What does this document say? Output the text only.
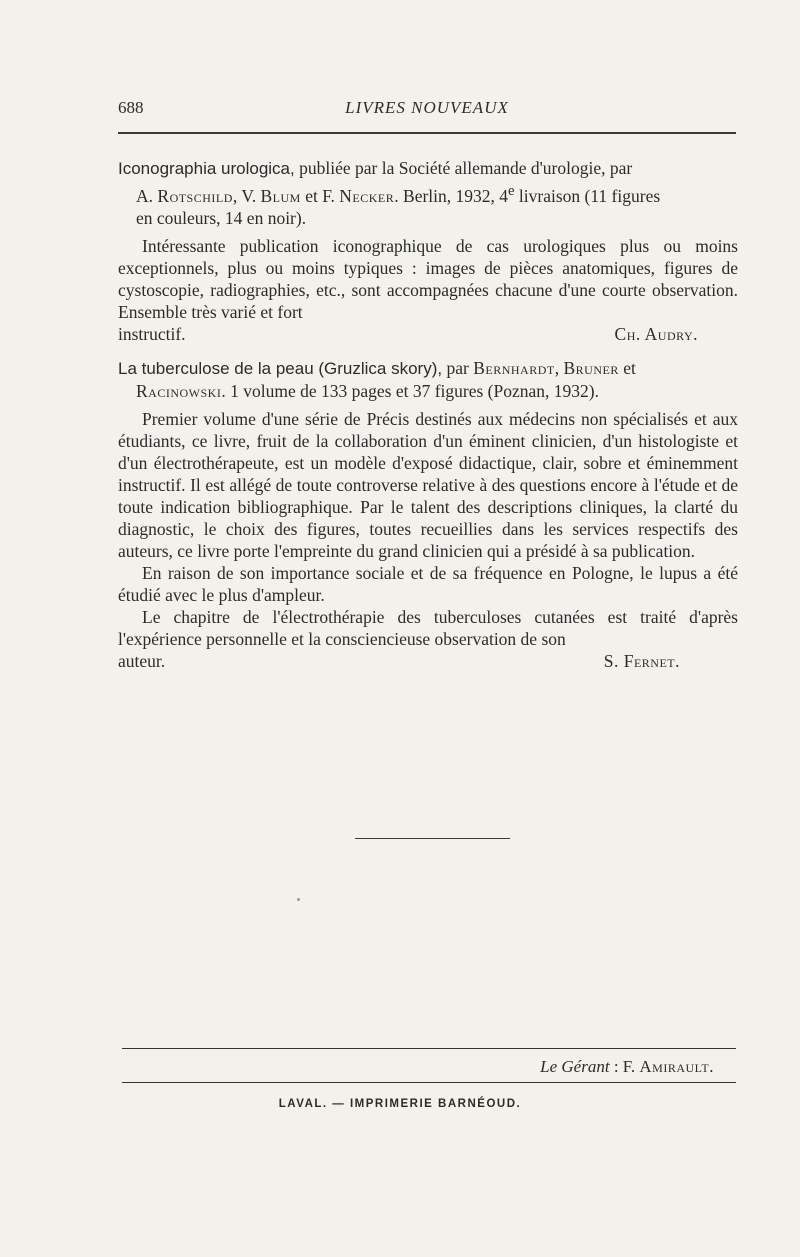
688	LIVRES NOUVEAUX

Iconographia urologica, publiée par la Société allemande d'urologie, par
A. Rotschild, V. Blum et F. Necker. Berlin, 1932, 4e livraison (11 figures
en couleurs, 14 en noir).

Intéressante publication iconographique de cas urologiques plus ou moins exceptionnels, plus ou moins typiques : images de pièces anatomiques, figures de cystoscopie, radiographies, etc., sont accompagnées chacune d'une courte observation. Ensemble très varié et fort

instructif.	Ch. Audry.

La tuberculose de la peau (Gruzlica skory), par Bernhardt, Bruner et
Racinowski. 1 volume de 133 pages et 37 figures (Poznan, 1932).

Premier volume d'une série de Précis destinés aux médecins non spécialisés et aux étudiants, ce livre, fruit de la collaboration d'un éminent clinicien, d'un histologiste et d'un électrothérapeute, est un modèle d'exposé didactique, clair, sobre et éminemment instructif. Il est allégé de toute controverse relative à des questions encore à l'étude et de toute indication bibliographique. Par le talent des descriptions cliniques, la clarté du diagnostic, le choix des figures, toutes recueillies dans les services respectifs des auteurs, ce livre porte l'empreinte du grand clinicien qui a présidé à sa publication.

En raison de son importance sociale et de sa fréquence en Pologne, le lupus a été étudié avec le plus d'ampleur.

Le chapitre de l'électrothérapie des tuberculoses cutanées est traité d'après l'expérience personnelle et la consciencieuse observation de son

auteur.	S. Fernet.
Le Gérant : F. Amirault.
LAVAL. — IMPRIMERIE BARNÉOUD.
